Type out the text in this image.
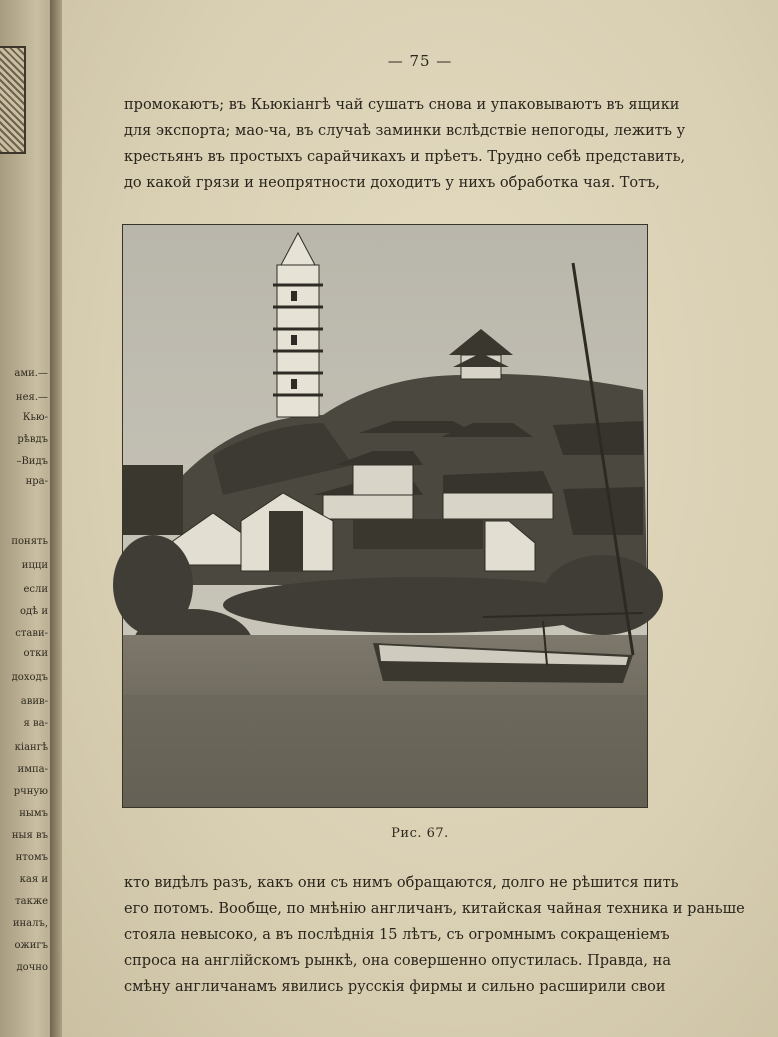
ами.—
нея.—
Кью-
рѣвдъ
–Видъ
нра-
понять
ицци
если
одѣ и
стави-
отки
доходъ
авив-
я ва-
кіангѣ
импа-
рчную
нымъ
ныя въ
нтомъ
кая и
также
иналъ,
ожигъ
дочно
— 75 —
промокаютъ; въ Кьюкіангѣ чай сушатъ снова и упаковываютъ въ ящики
для экспорта; мао-ча, въ случаѣ заминки вслѣдствіе непогоды, лежитъ у
крестьянъ въ простыхъ сарайчикахъ и прѣетъ. Трудно себѣ представить,
до какой грязи и неопрятности доходитъ у нихъ обработка чая. Тотъ,
Рис. 67.
кто видѣлъ разъ, какъ они съ нимъ обращаются, долго не рѣшится пить
его потомъ. Вообще, по мнѣнію англичанъ, китайская чайная техника и раньше
стояла невысоко, а въ послѣднія 15 лѣтъ, съ огромнымъ сокращеніемъ
спроса на англійскомъ рынкѣ, она совершенно опустилась. Правда, на
смѣну англичанамъ явились русскія фирмы и сильно расширили свои
